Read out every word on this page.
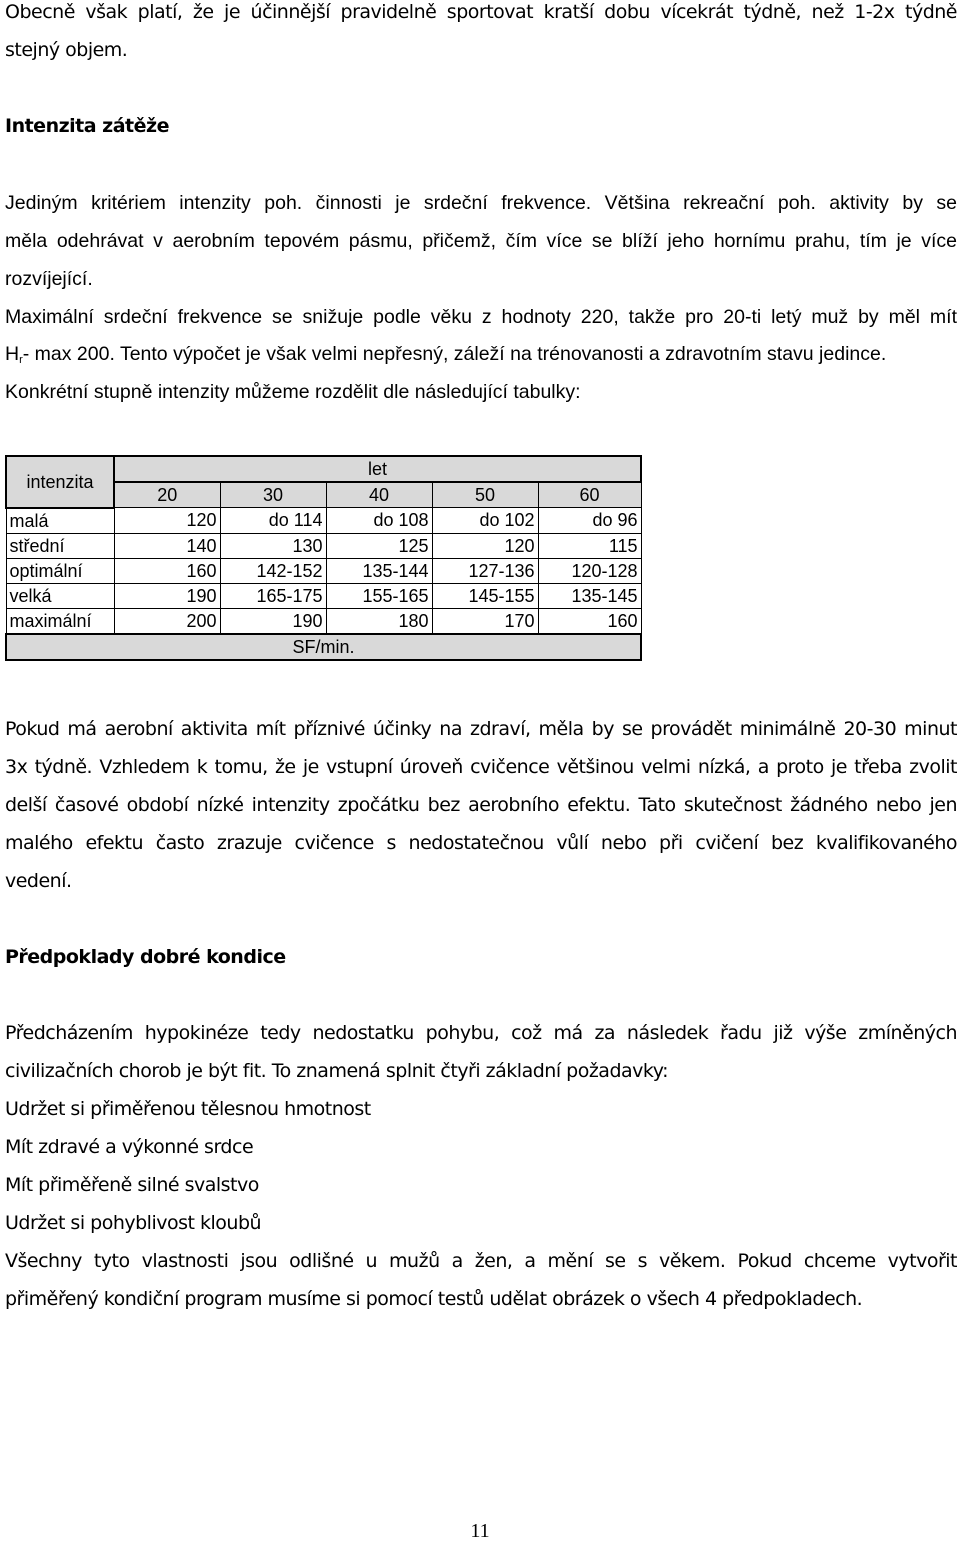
Obecně však platí, že je účinnější pravidelně sportovat kratší dobu vícekrát týdně, než 1-2x týdně
stejný objem.
Intenzita zátěže
Jediným kritériem intenzity poh. činnosti je srdeční frekvence. Většina rekreační poh. aktivity by se
měla odehrávat v aerobním tepovém pásmu, přičemž, čím více se blíží jeho hornímu prahu, tím je více
rozvíjející.
Maximální srdeční frekvence se snižuje podle věku z hodnoty 220, takže pro 20-ti letý muž by měl mít
$H_r-$ max 200. Tento výpočet je však velmi nepřesný, záleží na trénovanosti a zdravotním stavu jedince.
Konkrétní stupně intenzity můžeme rozdělit dle následující tabulky:
intenzita	let				
	20	30	40	50	60
malá	120	do 114	do 108	do 102	do 96
střední	140	130	125	120	115
optimální	160	142-152	135-144	127-136	120-128
velká	190	165-175	155-165	145-155	135-145
maximální	200	190	180	170	160
SF/min.					
Pokud má aerobní aktivita mít příznivé účinky na zdraví, měla by se provádět minimálně 20-30 minut
3x týdně. Vzhledem k tomu, že je vstupní úroveň cvičence většinou velmi nízká, a proto je třeba zvolit
delší časové období nízké intenzity zpočátku bez aerobního efektu. Tato skutečnost žádného nebo jen
malého efektu často zrazuje cvičence s nedostatečnou vůlí nebo při cvičení bez kvalifikovaného
vedení.
Předpoklady dobré kondice
Předcházením hypokinéze tedy nedostatku pohybu, což má za následek řadu již výše zmíněných
civilizačních chorob je být fit. To znamená splnit čtyři základní požadavky:
Udržet si přiměřenou tělesnou hmotnost
Mít zdravé a výkonné srdce
Mít přiměřeně silné svalstvo
Udržet si pohyblivost kloubů
Všechny tyto vlastnosti jsou odlišné u mužů a žen, a mění se s věkem. Pokud chceme vytvořit
přiměřený kondiční program musíme si pomocí testů udělat obrázek o všech 4 předpokladech.
11
